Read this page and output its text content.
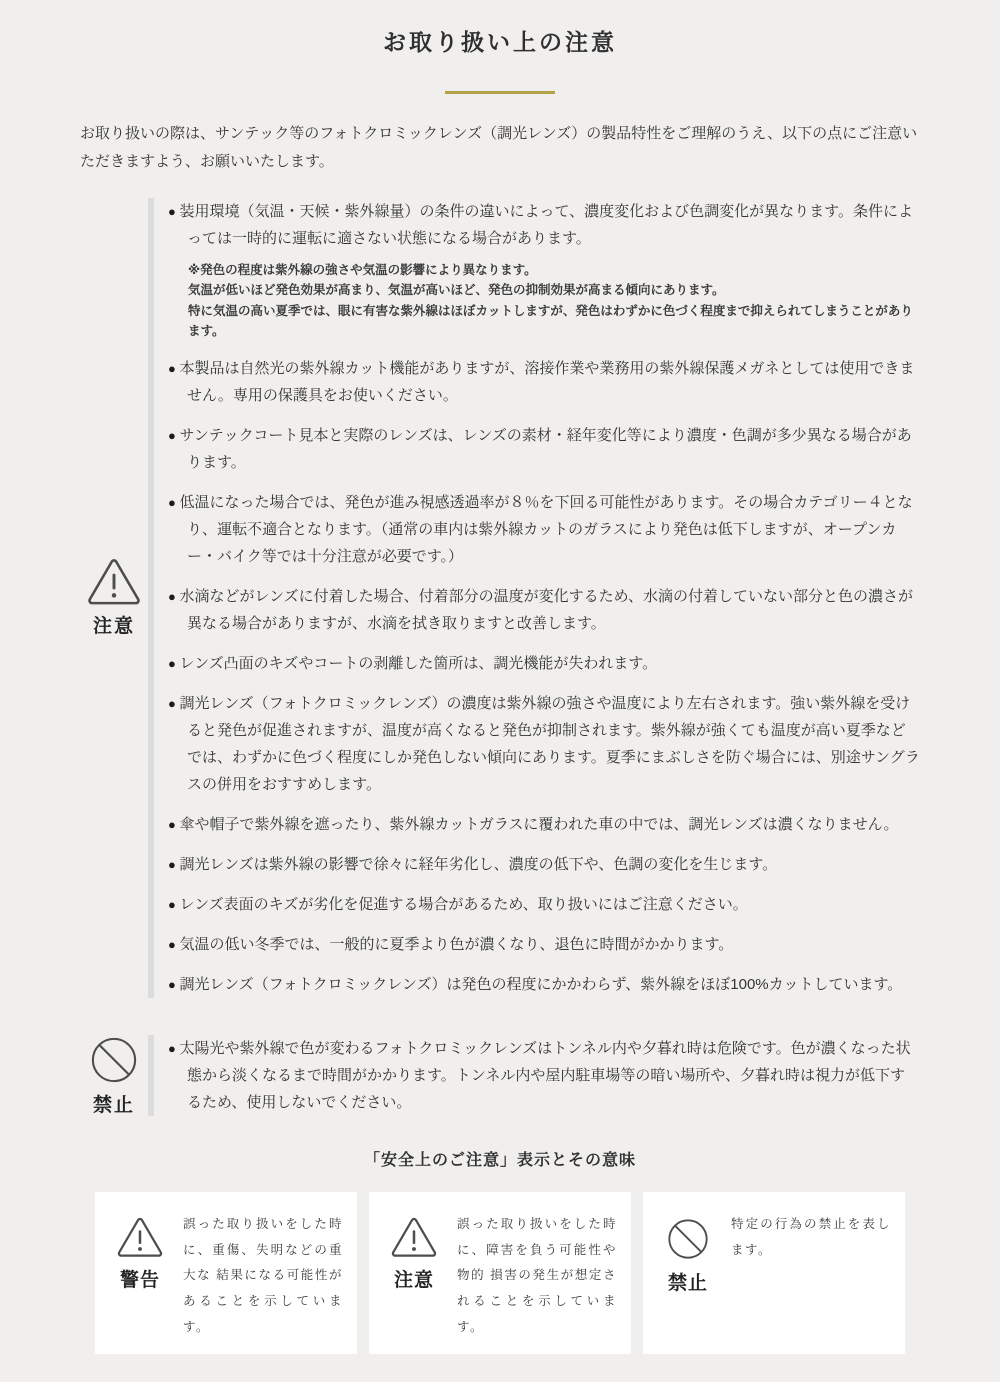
お取り扱い上の注意

お取り扱いの際は、サンテック等のフォトクロミックレンズ（調光レンズ）の製品特性をご理解のうえ、以下の点にご注意いただきますよう、お願いいたします。

注意

● 装用環境（気温・天候・紫外線量）の条件の違いによって、濃度変化および色調変化が異なります。条件によっては一時的に運転に適さない状態になる場合があります。

※発色の程度は紫外線の強さや気温の影響により異なります。

気温が低いほど発色効果が高まり、気温が高いほど、発色の抑制効果が高まる傾向にあります。

特に気温の高い夏季では、眼に有害な紫外線はほぼカットしますが、発色はわずかに色づく程度まで抑えられてしまうことがあります。

● 本製品は自然光の紫外線カット機能がありますが、溶接作業や業務用の紫外線保護メガネとしては使用できません。専用の保護具をお使いください。

● サンテックコート見本と実際のレンズは、レンズの素材・経年変化等により濃度・色調が多少異なる場合があります。

● 低温になった場合では、発色が進み視感透過率が８％を下回る可能性があります。その場合カテゴリー４となり、運転不適合となります。（通常の車内は紫外線カットのガラスにより発色は低下しますが、オープンカー・バイク等では十分注意が必要です。）

● 水滴などがレンズに付着した場合、付着部分の温度が変化するため、水滴の付着していない部分と色の濃さが異なる場合がありますが、水滴を拭き取りますと改善します。

● レンズ凸面のキズやコートの剥離した箇所は、調光機能が失われます。

● 調光レンズ（フォトクロミックレンズ）の濃度は紫外線の強さや温度により左右されます。強い紫外線を受けると発色が促進されますが、温度が高くなると発色が抑制されます。紫外線が強くても温度が高い夏季などでは、わずかに色づく程度にしか発色しない傾向にあります。夏季にまぶしさを防ぐ場合には、別途サングラスの併用をおすすめします。

● 傘や帽子で紫外線を遮ったり、紫外線カットガラスに覆われた車の中では、調光レンズは濃くなりません。

● 調光レンズは紫外線の影響で徐々に経年劣化し、濃度の低下や、色調の変化を生じます。

● レンズ表面のキズが劣化を促進する場合があるため、取り扱いにはご注意ください。

● 気温の低い冬季では、一般的に夏季より色が濃くなり、退色に時間がかかります。

● 調光レンズ（フォトクロミックレンズ）は発色の程度にかかわらず、紫外線をほぼ100%カットしています。

禁止

● 太陽光や紫外線で色が変わるフォトクロミックレンズはトンネル内や夕暮れ時は危険です。色が濃くなった状態から淡くなるまで時間がかかります。トンネル内や屋内駐車場等の暗い場所や、夕暮れ時は視力が低下するため、使用しないでください。

「安全上のご注意」表示とその意味
警告

誤った取り扱いをした時に、重傷、失明などの重大な 結果になる可能性があることを示しています。

注意

誤った取り扱いをした時に、障害を負う可能性や物的 損害の発生が想定されることを示しています。

禁止

特定の行為の禁止を表します。
